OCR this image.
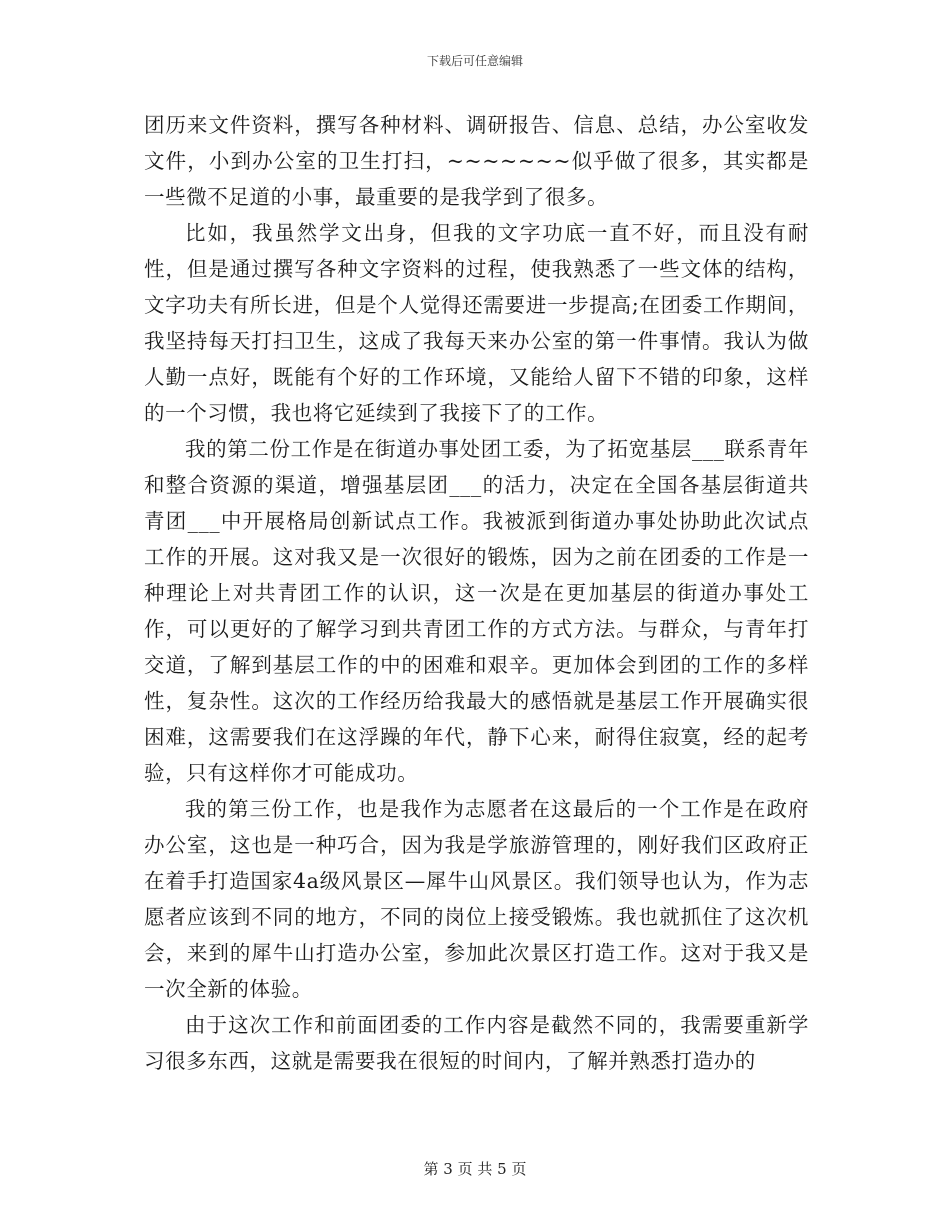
下载后可任意编辑

团历来文件资料，撰写各种材料、调研报告、信息、总结，办公室收发文件，小到办公室的卫生打扫，~~~~~~~似乎做了很多，其实都是一些微不足道的小事，最重要的是我学到了很多。

比如，我虽然学文出身，但我的文字功底一直不好，而且没有耐性，但是通过撰写各种文字资料的过程，使我熟悉了一些文体的结构，文字功夫有所长进，但是个人觉得还需要进一步提高;在团委工作期间，我坚持每天打扫卫生，这成了我每天来办公室的第一件事情。我认为做人勤一点好，既能有个好的工作环境，又能给人留下不错的印象，这样的一个习惯，我也将它延续到了我接下了的工作。

我的第二份工作是在街道办事处团工委，为了拓宽基层___联系青年和整合资源的渠道，增强基层团___的活力，决定在全国各基层街道共青团___中开展格局创新试点工作。我被派到街道办事处协助此次试点工作的开展。这对我又是一次很好的锻炼，因为之前在团委的工作是一种理论上对共青团工作的认识，这一次是在更加基层的街道办事处工作，可以更好的了解学习到共青团工作的方式方法。与群众，与青年打交道，了解到基层工作的中的困难和艰辛。更加体会到团的工作的多样性，复杂性。这次的工作经历给我最大的感悟就是基层工作开展确实很困难，这需要我们在这浮躁的年代，静下心来，耐得住寂寞，经的起考验，只有这样你才可能成功。

我的第三份工作，也是我作为志愿者在这最后的一个工作是在政府办公室，这也是一种巧合，因为我是学旅游管理的，刚好我们区政府正在着手打造国家4a级风景区—犀牛山风景区。我们领导也认为，作为志愿者应该到不同的地方，不同的岗位上接受锻炼。我也就抓住了这次机会，来到的犀牛山打造办公室，参加此次景区打造工作。这对于我又是一次全新的体验。

由于这次工作和前面团委的工作内容是截然不同的，我需要重新学习很多东西，这就是需要我在很短的时间内，了解并熟悉打造办的

第 3 页 共 5 页
